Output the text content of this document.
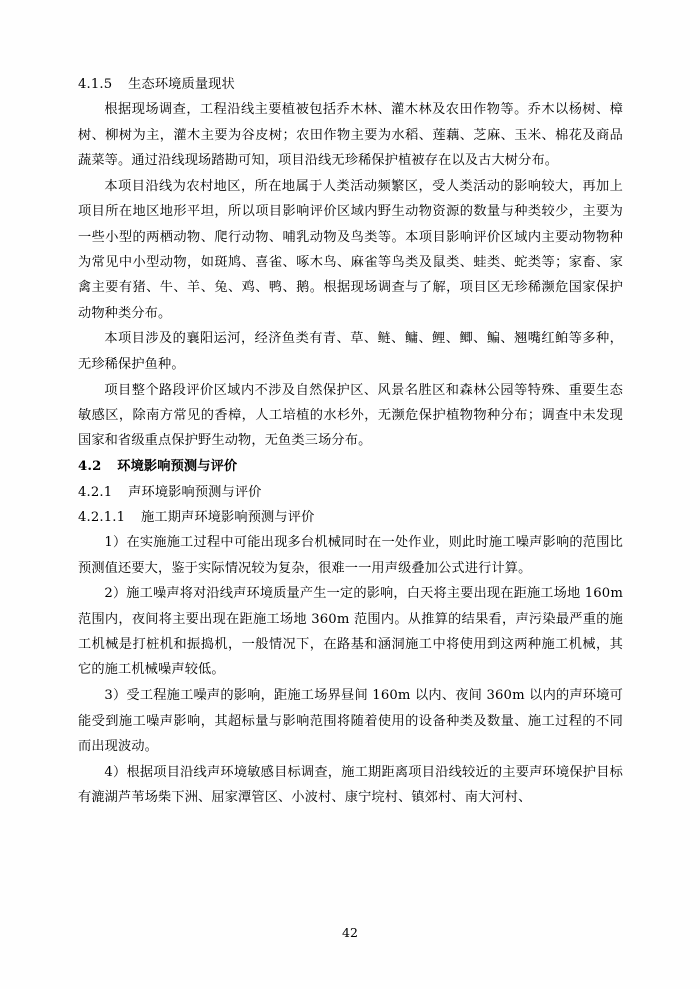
4.1.5 生态环境质量现状

根据现场调查，工程沿线主要植被包括乔木林、灌木林及农田作物等。乔木以杨树、樟树、柳树为主，灌木主要为谷皮树；农田作物主要为水稻、莲藕、芝麻、玉米、棉花及商品蔬菜等。通过沿线现场踏勘可知，项目沿线无珍稀保护植被存在以及古大树分布。

本项目沿线为农村地区，所在地属于人类活动频繁区，受人类活动的影响较大，再加上项目所在地区地形平坦，所以项目影响评价区域内野生动物资源的数量与种类较少，主要为一些小型的两栖动物、爬行动物、哺乳动物及鸟类等。本项目影响评价区域内主要动物物种为常见中小型动物，如斑鸠、喜雀、啄木鸟、麻雀等鸟类及鼠类、蛙类、蛇类等；家畜、家禽主要有猪、牛、羊、兔、鸡、鸭、鹅。根据现场调查与了解，项目区无珍稀濒危国家保护动物种类分布。

本项目涉及的襄阳运河，经济鱼类有青、草、鲢、鳙、鲤、鲫、鳊、翘嘴红鲌等多种，无珍稀保护鱼种。

项目整个路段评价区域内不涉及自然保护区、风景名胜区和森林公园等特殊、重要生态敏感区，除南方常见的香樟，人工培植的水杉外，无濒危保护植物物种分布；调查中未发现国家和省级重点保护野生动物，无鱼类三场分布。

4.2 环境影响预测与评价
4.2.1 声环境影响预测与评价
4.2.1.1 施工期声环境影响预测与评价

1）在实施施工过程中可能出现多台机械同时在一处作业，则此时施工噪声影响的范围比预测值还要大，鉴于实际情况较为复杂，很难一一用声级叠加公式进行计算。

2）施工噪声将对沿线声环境质量产生一定的影响，白天将主要出现在距施工场地 160m 范围内，夜间将主要出现在距施工场地 360m 范围内。从推算的结果看，声污染最严重的施工机械是打桩机和振捣机，一般情况下，在路基和涵洞施工中将使用到这两种施工机械，其它的施工机械噪声较低。

3）受工程施工噪声的影响，距施工场界昼间 160m 以内、夜间 360m 以内的声环境可能受到施工噪声影响，其超标量与影响范围将随着使用的设备种类及数量、施工过程的不同而出现波动。

4）根据项目沿线声环境敏感目标调查，施工期距离项目沿线较近的主要声环境保护目标有漉湖芦苇场柴下洲、屈家潭管区、小波村、康宁垸村、镇郊村、南大河村、

42
